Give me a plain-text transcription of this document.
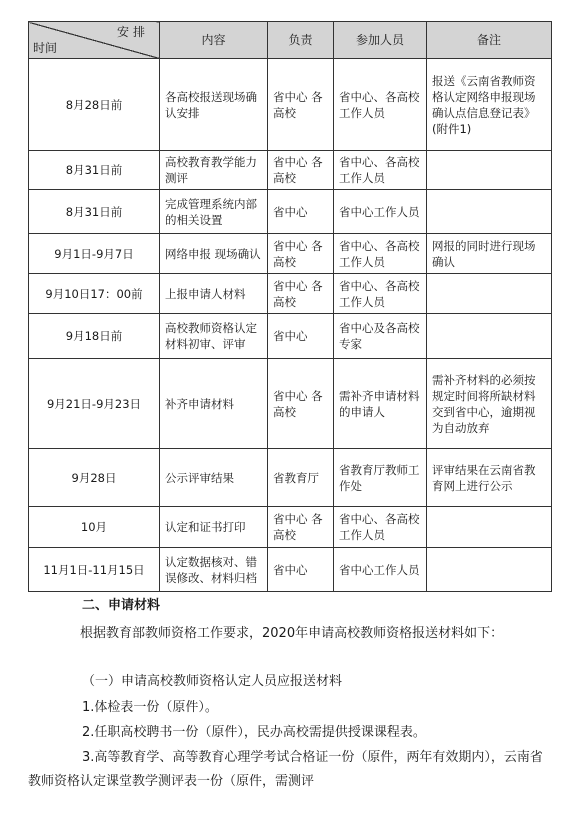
安排
时间	内容	负责	参加人员	备注
8月28日前	各高校报送现场确认安排	省中心 各高校	省中心、各高校工作人员	报送《云南省教师资格认定网络申报现场确认点信息登记表》(附件1)
8月31日前	高校教育教学能力测评	省中心 各高校	省中心、各高校工作人员	
8月31日前	完成管理系统内部的相关设置	省中心	省中心工作人员	
9月1日-9月7日	网络申报 现场确认	省中心 各高校	省中心、各高校工作人员	网报的同时进行现场确认
9月10日17：00前	上报申请人材料	省中心 各高校	省中心、各高校工作人员	
9月18日前	高校教师资格认定材料初审、评审	省中心	省中心及各高校专家	
9月21日-9月23日	补齐申请材料	省中心 各高校	需补齐申请材料的申请人	需补齐材料的必须按规定时间将所缺材料交到省中心，逾期视为自动放弃
9月28日	公示评审结果	省教育厅	省教育厅教师工作处	评审结果在云南省教育网上进行公示
10月	认定和证书打印	省中心 各高校	省中心、各高校工作人员	
11月1日-11月15日	认定数据核对、错误修改、材料归档	省中心	省中心工作人员	
二、申请材料
根据教育部教师资格工作要求，2020年申请高校教师资格报送材料如下：
（一）申请高校教师资格认定人员应报送材料
1.体检表一份（原件）。
2.任职高校聘书一份（原件），民办高校需提供授课课程表。
3.高等教育学、高等教育心理学考试合格证一份（原件，两年有效期内），云南省教师资格认定课堂教学测评表一份（原件，需测评
